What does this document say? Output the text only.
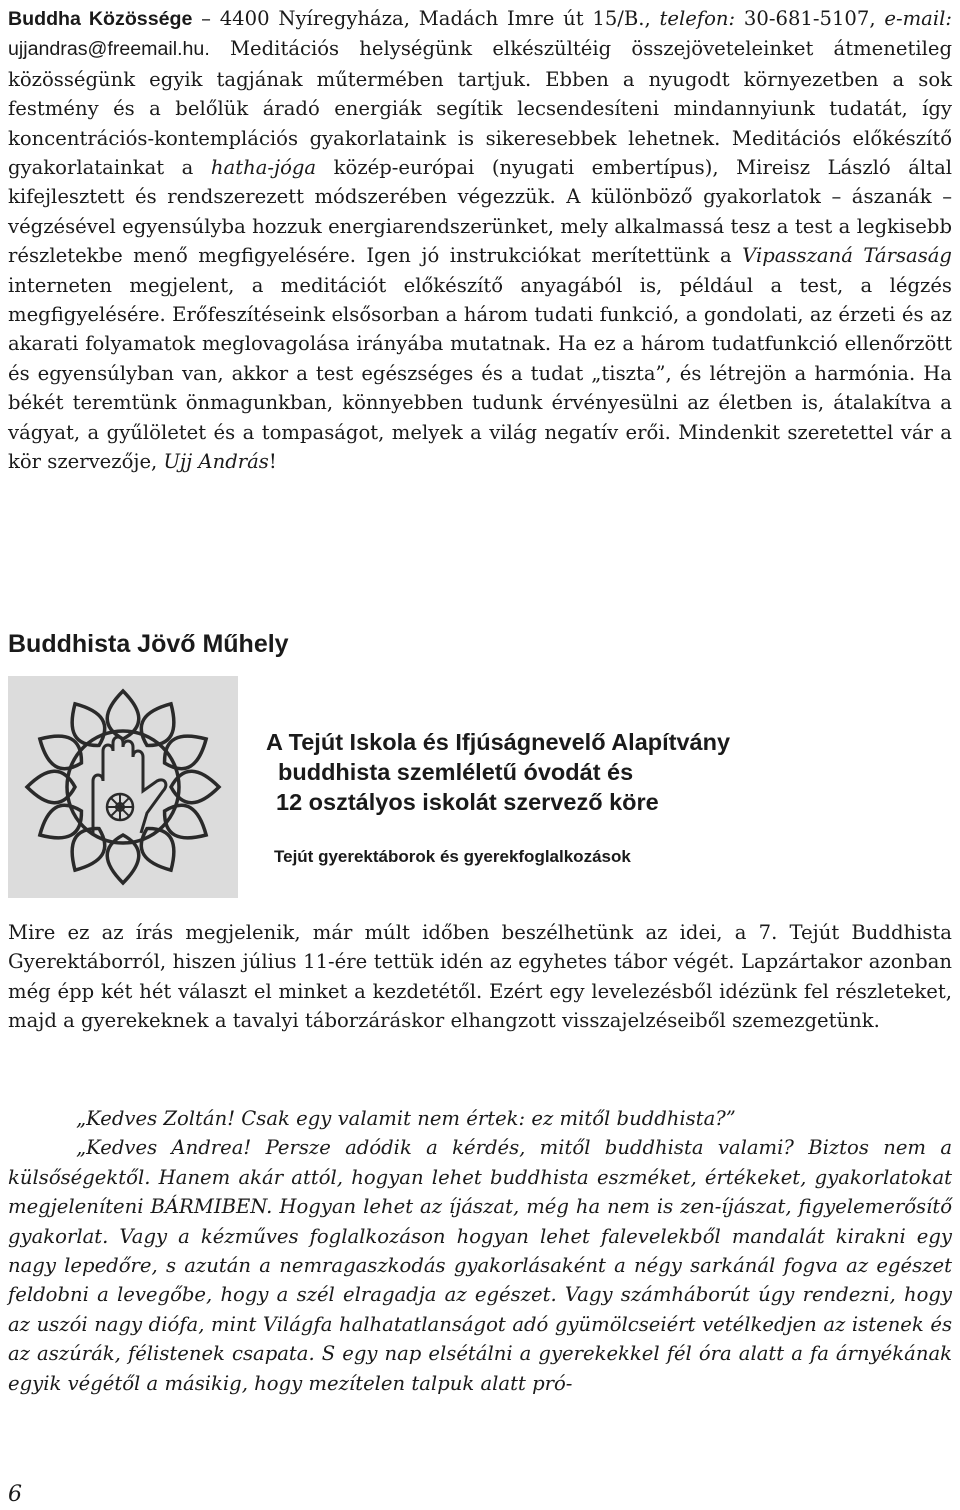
Buddha Közössége – 4400 Nyíregyháza, Madách Imre út 15/B., telefon: 30-681-5107, e-mail: ujjandras@freemail.hu. Meditációs helységünk elkészültéig összejöveteleinket átmenetileg közösségünk egyik tagjának műtermében tartjuk. Ebben a nyugodt környezetben a sok festmény és a belőlük áradó energiák segítik lecsendesíteni mindannyiunk tudatát, így koncentrációs-kontemplációs gyakorlataink is sikeresebbek lehetnek. Meditációs előkészítő gyakorlatainkat a hatha-jóga közép-európai (nyugati embertípus), Mireisz László által kifejlesztett és rendszerezett módszerében végezzük. A különböző gyakorlatok – ászanák – végzésével egyensúlyba hozzuk energiarendszerünket, mely alkalmassá tesz a test a legkisebb részletekbe menő megfigyelésére. Igen jó instrukciókat merítettünk a Vipasszaná Társaság interneten megjelent, a meditációt előkészítő anyagából is, például a test, a légzés megfigyelésére. Erőfeszítéseink elsősorban a három tudati funkció, a gondolati, az érzeti és az akarati folyamatok meglovagolása irányába mutatnak. Ha ez a három tudatfunkció ellenőrzött és egyensúlyban van, akkor a test egészséges és a tudat „tiszta”, és létrejön a harmónia. Ha békét teremtünk önmagunkban, könnyebben tudunk érvényesülni az életben is, átalakítva a vágyat, a gyűlöletet és a tompaságot, melyek a világ negatív erői. Mindenkit szeretettel vár a kör szervezője, Ujj András!

Buddhista Jövő Műhely
A Tejút Iskola és Ifjúságnevelő Alapítvány
buddhista szemléletű óvodát és
12 osztályos iskolát szervező köre
Tejút gyerektáborok és gyerekfoglalkozások

Mire ez az írás megjelenik, már múlt időben beszélhetünk az idei, a 7. Tejút Buddhista Gyerektáborról, hiszen július 11-ére tettük idén az egyhetes tábor végét. Lapzártakor azonban még épp két hét választ el minket a kezdetétől. Ezért egy levelezésből idézünk fel részleteket, majd a gyerekeknek a tavalyi táborzáráskor elhangzott visszajelzéseiből szemezgetünk.

„Kedves Zoltán! Csak egy valamit nem értek: ez mitől buddhista?”

„Kedves Andrea! Persze adódik a kérdés, mitől buddhista valami? Biztos nem a külsőségektől. Hanem akár attól, hogyan lehet buddhista eszméket, értékeket, gyakorlatokat megjeleníteni BÁRMIBEN. Hogyan lehet az íjászat, még ha nem is zen-íjászat, figyelemerősítő gyakorlat. Vagy a kézműves foglalkozáson hogyan lehet falevelekből mandalát kirakni egy nagy lepedőre, s azután a nemragaszkodás gyakorlásaként a négy sarkánál fogva az egészet feldobni a levegőbe, hogy a szél elragadja az egészet. Vagy számháborút úgy rendezni, hogy az uszói nagy diófa, mint Világfa halhatatlanságot adó gyümölcseiért vetélkedjen az istenek és az aszúrák, félistenek csapata. S egy nap elsétálni a gyerekekkel fél óra alatt a fa árnyékának egyik végétől a másikig, hogy mezítelen talpuk alatt pró-

6
